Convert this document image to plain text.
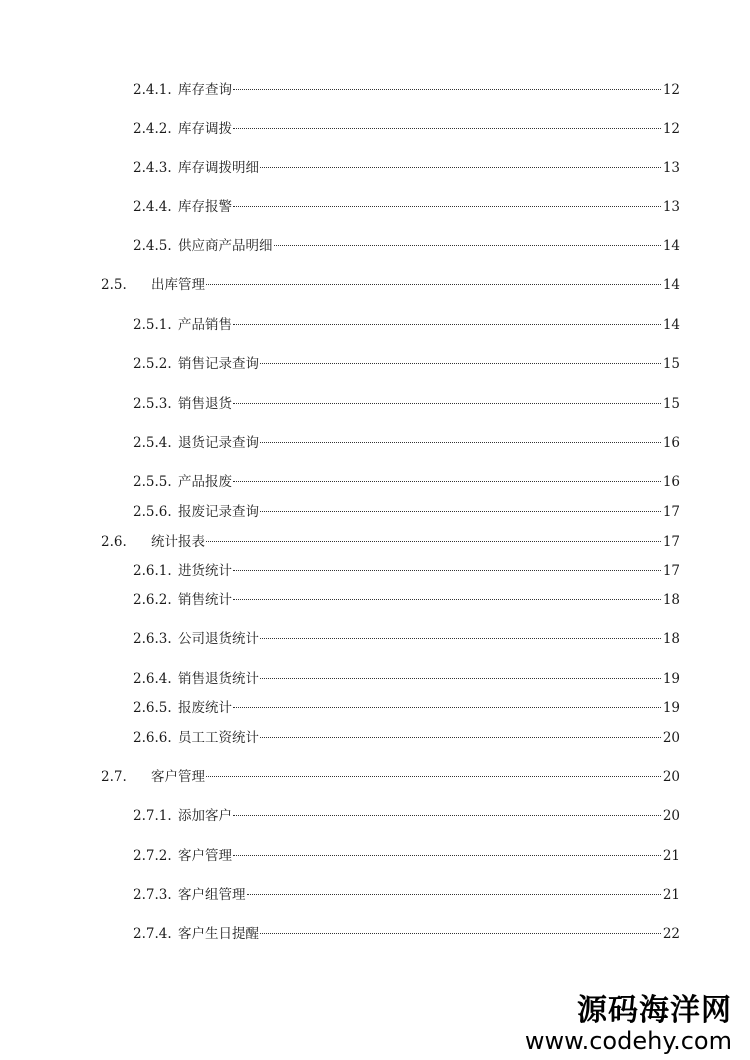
2.4.1. 库存查询	12
2.4.2. 库存调拨	12
2.4.3. 库存调拨明细	13
2.4.4. 库存报警	13
2.4.5. 供应商产品明细	14
2.5.	出库管理	14
2.5.1. 产品销售	14
2.5.2. 销售记录查询	15
2.5.3. 销售退货	15
2.5.4. 退货记录查询	16
2.5.5. 产品报废	16
2.5.6. 报废记录查询	17
2.6.	统计报表	17
2.6.1. 进货统计	17
2.6.2. 销售统计	18
2.6.3. 公司退货统计	18
2.6.4. 销售退货统计	19
2.6.5. 报废统计	19
2.6.6. 员工工资统计	20
2.7.	客户管理	20
2.7.1. 添加客户	20
2.7.2. 客户管理	21
2.7.3. 客户组管理	21
2.7.4. 客户生日提醒	22
源码海洋网
www.codehy.com
